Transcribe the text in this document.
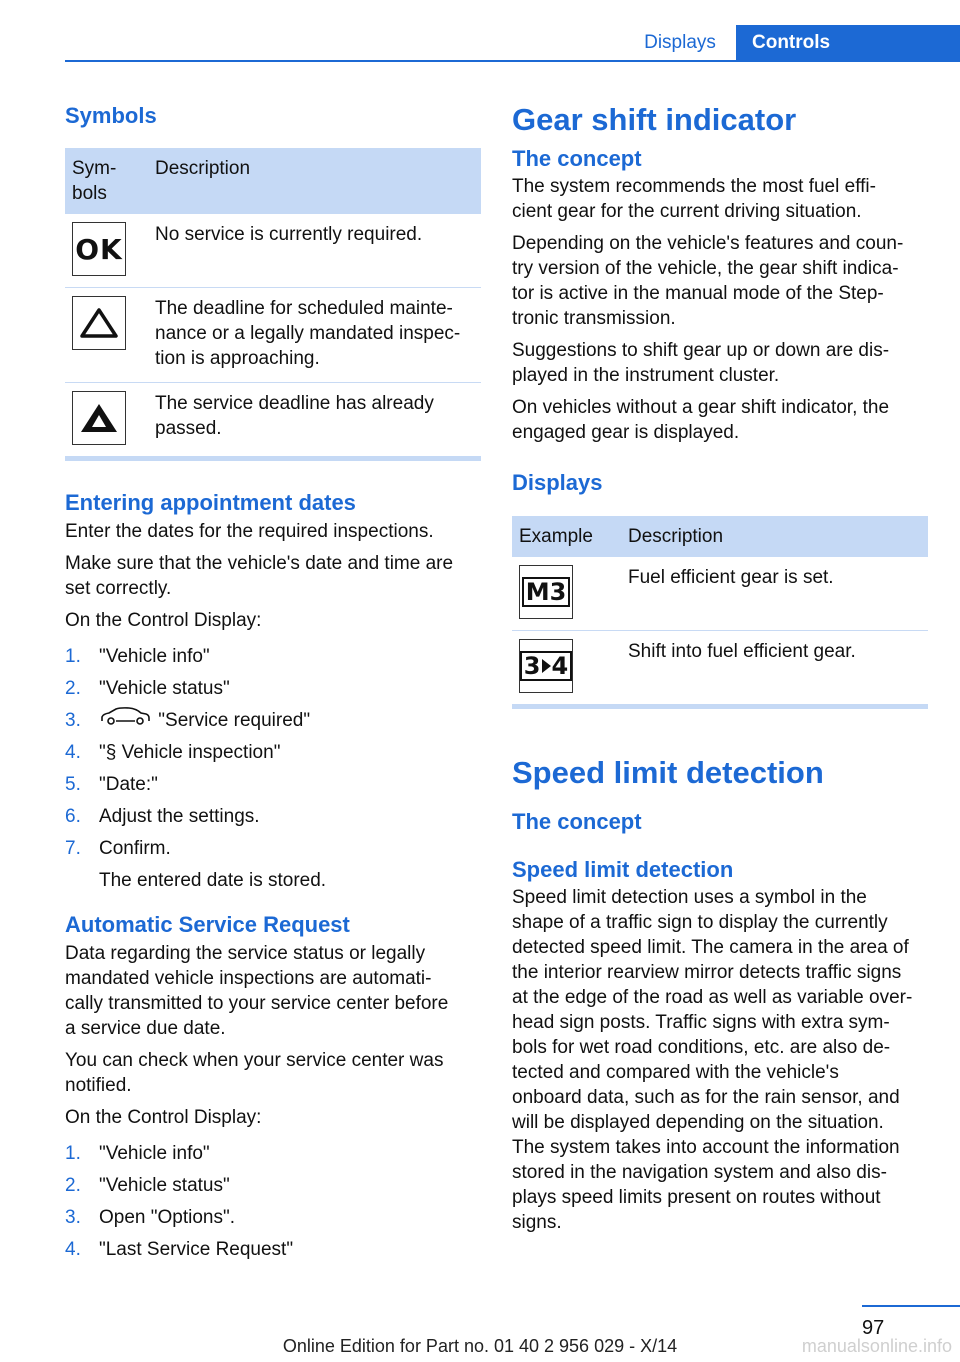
Displays	Controls
Symbols
Sym-
bols	Description

OK	No service is currently required.

	The deadline for scheduled mainte-
nance or a legally mandated inspec-
tion is approaching.

	The service deadline has already
passed.
Entering appointment dates

Enter the dates for the required inspections.

Make sure that the vehicle's date and time are
set correctly.

On the Control Display:

1. "Vehicle info"
2. "Vehicle status"
3.	"Service required"
4. "§ Vehicle inspection"
5. "Date:"
6. Adjust the settings.
7. Confirm.
The entered date is stored.
Automatic Service Request

Data regarding the service status or legally
mandated vehicle inspections are automati-
cally transmitted to your service center before
a service due date.

You can check when your service center was
notified.

On the Control Display:

1. "Vehicle info"
2. "Vehicle status"
3. Open "Options".
4. "Last Service Request"
Gear shift indicator
The concept

The system recommends the most fuel effi-
cient gear for the current driving situation.

Depending on the vehicle's features and coun-
try version of the vehicle, the gear shift indica-
tor is active in the manual mode of the Step-
tronic transmission.

Suggestions to shift gear up or down are dis-
played in the instrument cluster.

On vehicles without a gear shift indicator, the
engaged gear is displayed.

Displays
Example	Description

M3	Fuel efficient gear is set.

3 4	Shift into fuel efficient gear.
Speed limit detection
The concept
Speed limit detection

Speed limit detection uses a symbol in the
shape of a traffic sign to display the currently
detected speed limit. The camera in the area of
the interior rearview mirror detects traffic signs
at the edge of the road as well as variable over-
head sign posts. Traffic signs with extra sym-
bols for wet road conditions, etc. are also de-
tected and compared with the vehicle's
onboard data, such as for the rain sensor, and
will be displayed depending on the situation.
The system takes into account the information
stored in the navigation system and also dis-
plays speed limits present on routes without
signs.

97
Online Edition for Part no. 01 40 2 956 029 - X/14	manualsonline.info
